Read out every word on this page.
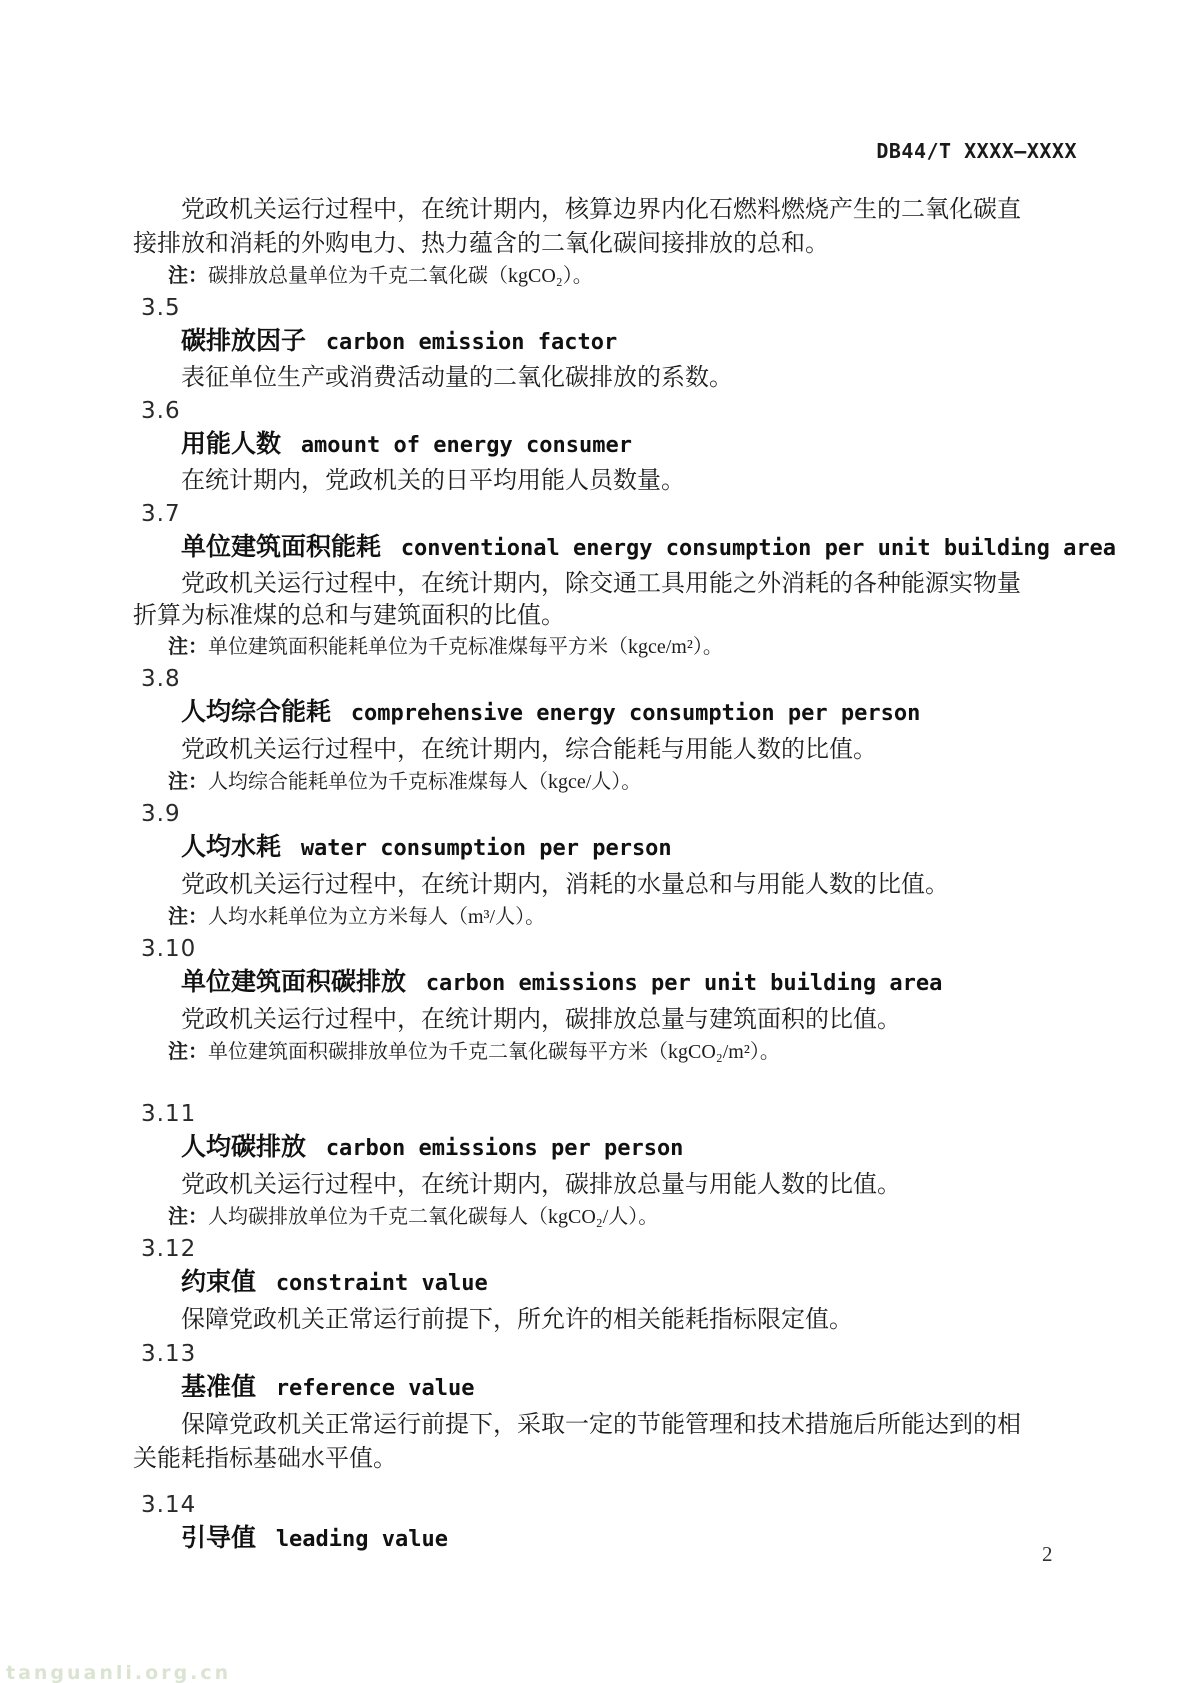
DB44/T XXXX—XXXX

党政机关运行过程中，在统计期内，核算边界内化石燃料燃烧产生的二氧化碳直接排放和消耗的外购电力、热力蕴含的二氧化碳间接排放的总和。

注：碳排放总量单位为千克二氧化碳（kgCO₂）。

3.5

碳排放因子 carbon emission factor

表征单位生产或消费活动量的二氧化碳排放的系数。

3.6

用能人数 amount of energy consumer

在统计期内，党政机关的日平均用能人员数量。

3.7

单位建筑面积能耗 conventional energy consumption per unit building area

党政机关运行过程中，在统计期内，除交通工具用能之外消耗的各种能源实物量折算为标准煤的总和与建筑面积的比值。

注：单位建筑面积能耗单位为千克标准煤每平方米（kgce/m²）。

3.8

人均综合能耗 comprehensive energy consumption per person

党政机关运行过程中，在统计期内，综合能耗与用能人数的比值。

注：人均综合能耗单位为千克标准煤每人（kgce/人）。

3.9

人均水耗 water consumption per person

党政机关运行过程中，在统计期内，消耗的水量总和与用能人数的比值。

注：人均水耗单位为立方米每人（m³/人）。

3.10

单位建筑面积碳排放 carbon emissions per unit building area

党政机关运行过程中，在统计期内，碳排放总量与建筑面积的比值。

注：单位建筑面积碳排放单位为千克二氧化碳每平方米（kgCO₂/m²）。

3.11

人均碳排放 carbon emissions per person

党政机关运行过程中，在统计期内，碳排放总量与用能人数的比值。

注：人均碳排放单位为千克二氧化碳每人（kgCO₂/人）。

3.12

约束值 constraint value

保障党政机关正常运行前提下，所允许的相关能耗指标限定值。

3.13

基准值 reference value

保障党政机关正常运行前提下，采取一定的节能管理和技术措施后所能达到的相关能耗指标基础水平值。

3.14

引导值 leading value

2
tanguanli.org.cn
